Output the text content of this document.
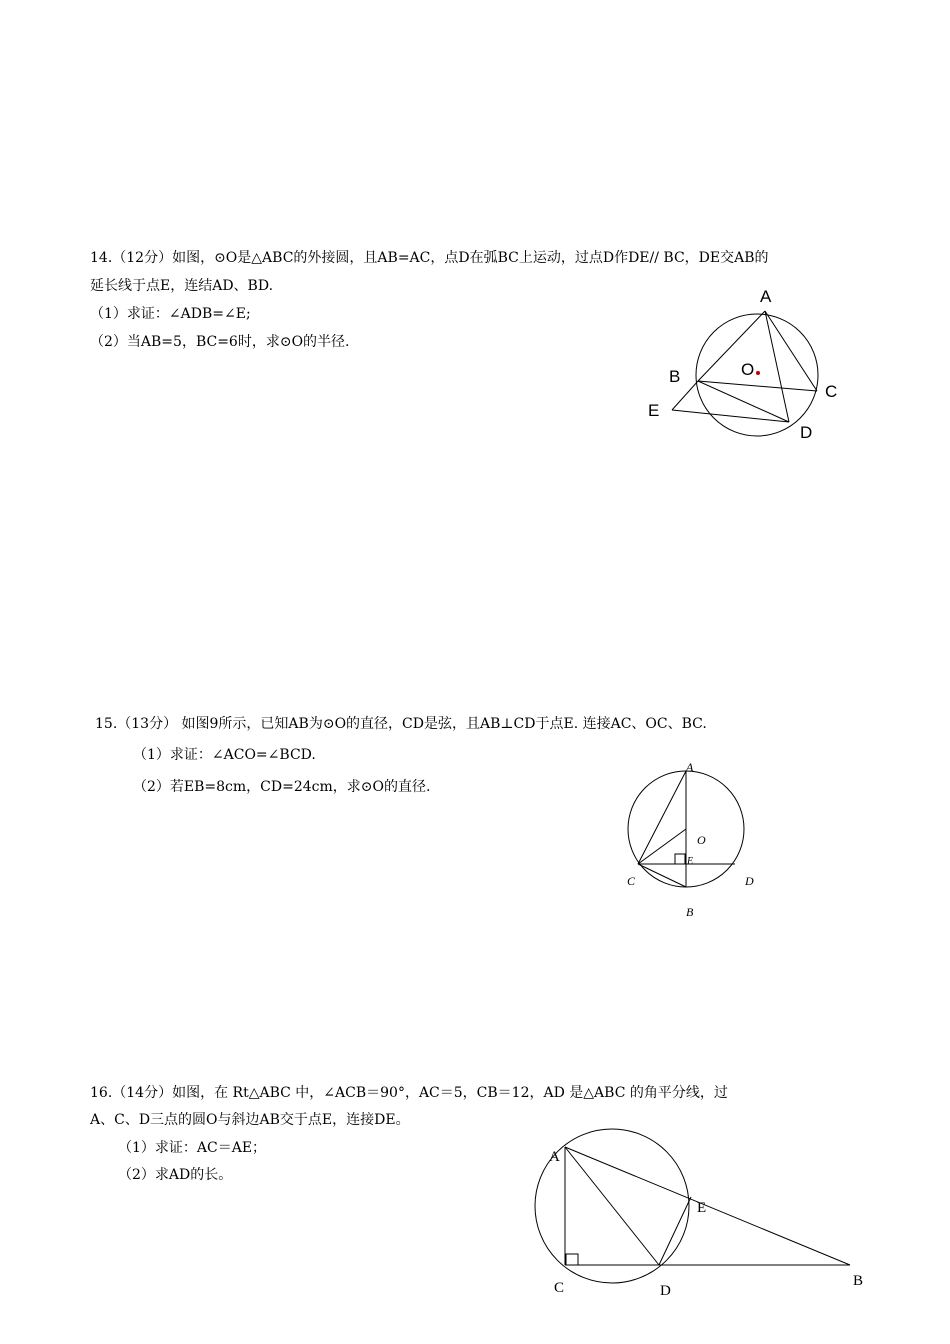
14.（12分）如图，⊙O是△ABC的外接圆，且AB=AC，点D在弧BC上运动，过点D作DE// BC，DE交AB的
延长线于点E，连结AD、BD.
（1）求证：∠ADB=∠E;
（2）当AB=5，BC=6时，求⊙O的半径.
A
B
C
D
E
O
15.（13分） 如图9所示，已知AB为⊙O的直径，CD是弦，且AB⊥CD于点E. 连接AC、OC、BC.
（1）求证：∠ACO=∠BCD.
（2）若EB=8cm，CD=24cm，求⊙O的直径.
A
O
E
C	D
B
16.（14分）如图，在 Rt△ABC 中，∠ACB＝90°，AC＝5，CB＝12，AD 是△ABC 的角平分线，过
A、C、D三点的圆O与斜边AB交于点E，连接DE。
（1）求证：AC＝AE；
（2）求AD的长。
A
E
C	D
B
